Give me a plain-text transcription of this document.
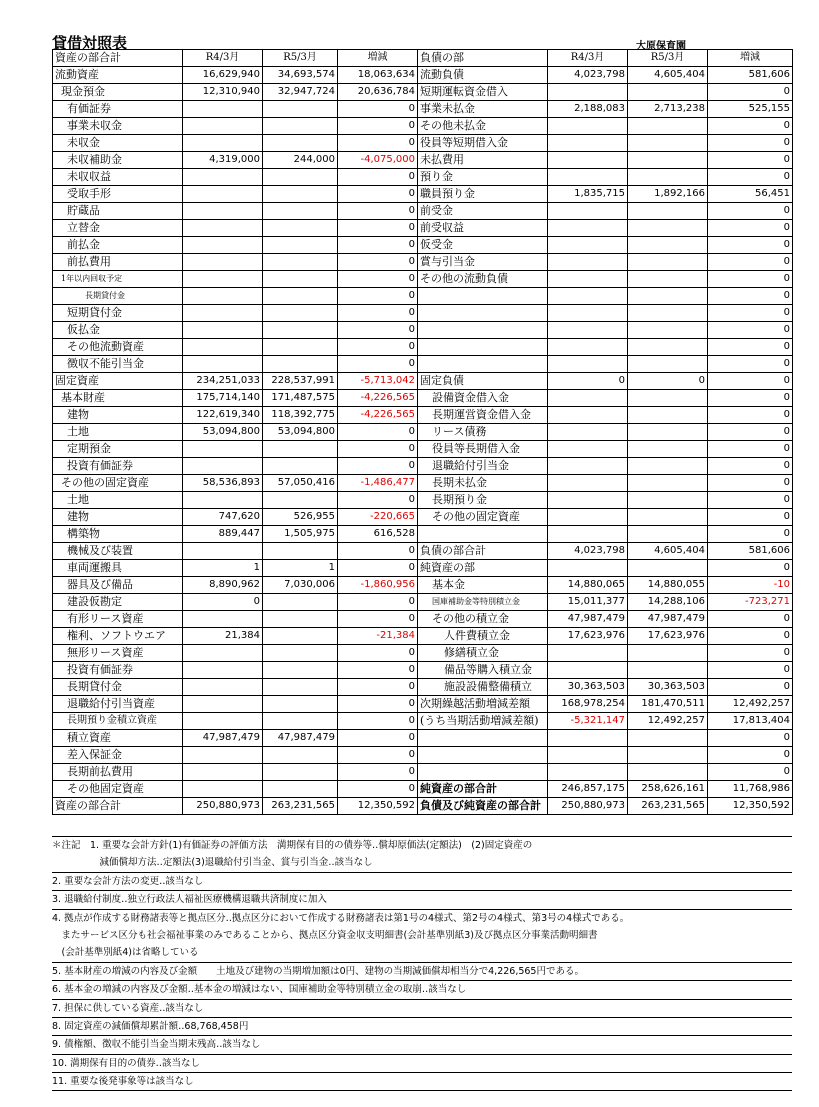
貸借対照表	大原保育園
資産の部合計	R4/3月	R5/3月	増減	負債の部	R4/3月	R5/3月	増減
流動資産	16,629,940	34,693,574	18,063,634	流動負債	4,023,798	4,605,404	581,606
現金預金	12,310,940	32,947,724	20,636,784	短期運転資金借入			0
有価証券			0	事業未払金	2,188,083	2,713,238	525,155
事業未収金			0	その他未払金			0
未収金			0	役員等短期借入金			0
未収補助金	4,319,000	244,000	-4,075,000	未払費用			0
未収収益			0	預り金			0
受取手形			0	職員預り金	1,835,715	1,892,166	56,451
貯蔵品			0	前受金			0
立替金			0	前受収益			0
前払金			0	仮受金			0
前払費用			0	賞与引当金			0
1年以内回収予定			0	その他の流動負債			0
長期貸付金			0				0
短期貸付金			0				0
仮払金			0				0
その他流動資産			0				0
徴収不能引当金			0				0
固定資産	234,251,033	228,537,991	-5,713,042	固定負債	0	0	0
基本財産	175,714,140	171,487,575	-4,226,565	設備資金借入金			0
建物	122,619,340	118,392,775	-4,226,565	長期運営資金借入金			0
土地	53,094,800	53,094,800	0	リース債務			0
定期預金			0	役員等長期借入金			0
投資有価証券			0	退職給付引当金			0
その他の固定資産	58,536,893	57,050,416	-1,486,477	長期未払金			0
土地			0	長期預り金			0
建物	747,620	526,955	-220,665	その他の固定資産			0
構築物	889,447	1,505,975	616,528				0
機械及び装置			0	負債の部合計	4,023,798	4,605,404	581,606
車両運搬具	1	1	0	純資産の部			0
器具及び備品	8,890,962	7,030,006	-1,860,956	基本金	14,880,065	14,880,055	-10
建設仮勘定	0		0	国庫補助金等特別積立金	15,011,377	14,288,106	-723,271
有形リース資産			0	その他の積立金	47,987,479	47,987,479	0
権利、ソフトウエア	21,384		-21,384	人件費積立金	17,623,976	17,623,976	0
無形リース資産			0	修繕積立金			0
投資有価証券			0	備品等購入積立金			0
長期貸付金			0	施設設備整備積立	30,363,503	30,363,503	0
退職給付引当資産			0	次期繰越活動増減差額	168,978,254	181,470,511	12,492,257
長期預り金積立資産			0	(うち当期活動増減差額)	-5,321,147	12,492,257	17,813,404
積立資産	47,987,479	47,987,479	0				0
差入保証金			0				0
長期前払費用			0				0
その他固定資産			0	純資産の部合計	246,857,175	258,626,161	11,768,986
資産の部合計	250,880,973	263,231,565	12,350,592	負債及び純資産の部合計	250,880,973	263,231,565	12,350,592
＊注記　1. 重要な会計方針(1)有価証券の評価方法　満期保有目的の債券等‥償却原価法(定額法)　(2)固定資産の
　　　　　減価償却方法‥定額法(3)退職給付引当金、賞与引当金‥該当なし
2. 重要な会計方法の変更‥該当なし
3. 退職給付制度‥独立行政法人福祉医療機構退職共済制度に加入
4. 拠点が作成する財務諸表等と拠点区分‥拠点区分において作成する財務諸表は第1号の4様式、第2号の4様式、第3号の4様式である。
　またサービス区分も社会福祉事業のみであることから、拠点区分資金収支明細書(会計基準別紙3)及び拠点区分事業活動明細書
　(会計基準別紙4)は省略している
5. 基本財産の増減の内容及び金額　　土地及び建物の当期増加額は0円、建物の当期減価償却相当分で4,226,565円である。
6. 基本金の増減の内容及び金額‥基本金の増減はない、国庫補助金等特別積立金の取崩‥該当なし
7. 担保に供している資産‥該当なし
8. 固定資産の減価償却累計額‥68,768,458円
9. 債権額、徴収不能引当金当期末残高‥該当なし
10. 満期保有目的の債券‥該当なし
11. 重要な後発事象等は該当なし
